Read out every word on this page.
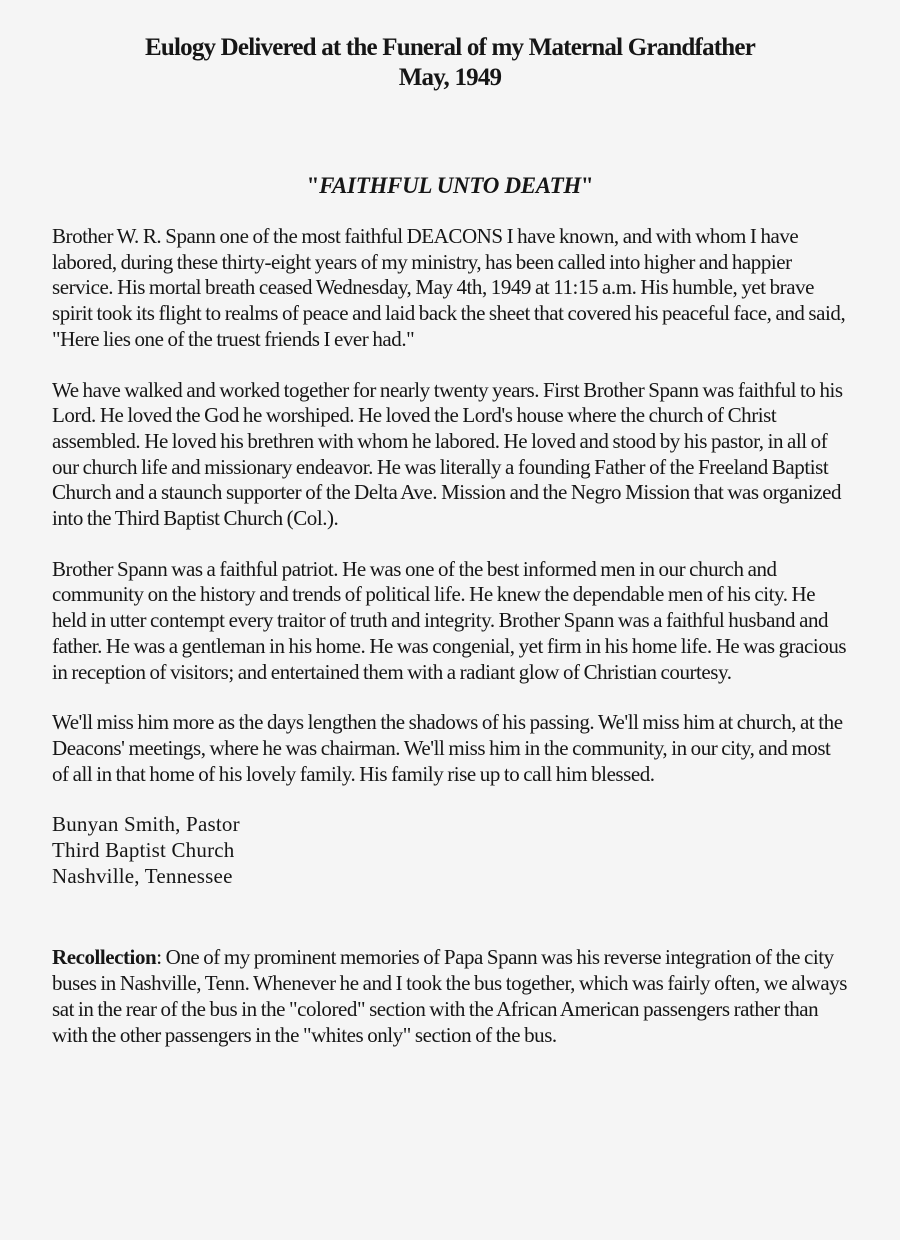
Eulogy Delivered at the Funeral of my Maternal Grandfather
May, 1949
"FAITHFUL UNTO DEATH"

Brother W. R. Spann one of the most faithful DEACONS I have known, and with whom I have labored, during these thirty-eight years of my ministry, has been called into higher and happier service. His mortal breath ceased Wednesday, May 4th, 1949 at 11:15 a.m. His humble, yet brave spirit took its flight to realms of peace and laid back the sheet that covered his peaceful face, and said, "Here lies one of the truest friends I ever had."

We have walked and worked together for nearly twenty years. First Brother Spann was faithful to his Lord. He loved the God he worshiped. He loved the Lord's house where the church of Christ assembled. He loved his brethren with whom he labored. He loved and stood by his pastor, in all of our church life and missionary endeavor. He was literally a founding Father of the Freeland Baptist Church and a staunch supporter of the Delta Ave. Mission and the Negro Mission that was organized into the Third Baptist Church (Col.).

Brother Spann was a faithful patriot. He was one of the best informed men in our church and community on the history and trends of political life. He knew the dependable men of his city. He held in utter contempt every traitor of truth and integrity. Brother Spann was a faithful husband and father. He was a gentleman in his home. He was congenial, yet firm in his home life. He was gracious in reception of visitors; and entertained them with a radiant glow of Christian courtesy.

We'll miss him more as the days lengthen the shadows of his passing. We'll miss him at church, at the Deacons' meetings, where he was chairman. We'll miss him in the community, in our city, and most of all in that home of his lovely family. His family rise up to call him blessed.

Bunyan Smith, Pastor
Third Baptist Church
Nashville, Tennessee

Recollection: One of my prominent memories of Papa Spann was his reverse integration of the city buses in Nashville, Tenn. Whenever he and I took the bus together, which was fairly often, we always sat in the rear of the bus in the "colored" section with the African American passengers rather than with the other passengers in the "whites only" section of the bus.
